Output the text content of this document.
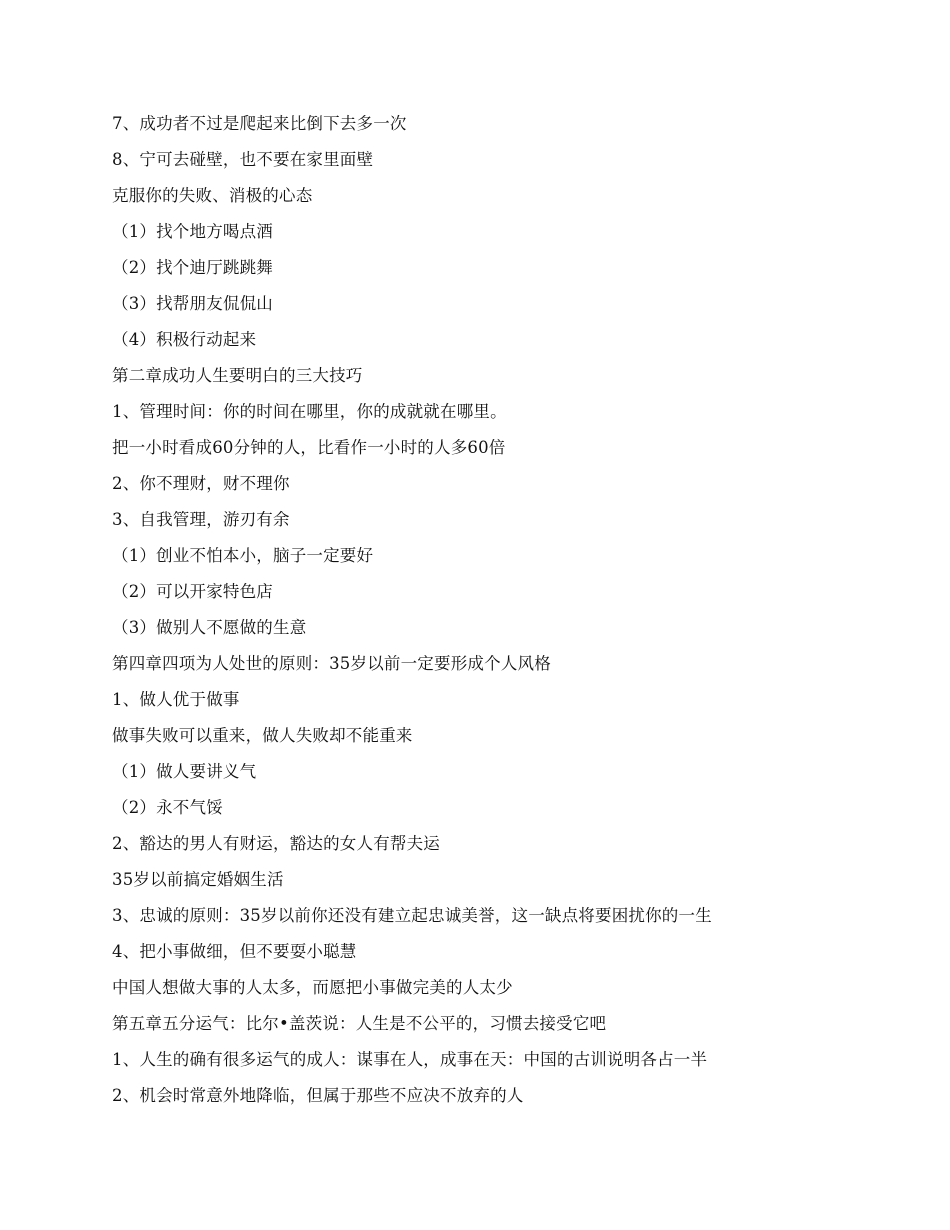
7、成功者不过是爬起来比倒下去多一次
8、宁可去碰壁，也不要在家里面壁
克服你的失败、消极的心态
（1）找个地方喝点酒
（2）找个迪厅跳跳舞
（3）找帮朋友侃侃山
（4）积极行动起来
第二章成功人生要明白的三大技巧
1、管理时间：你的时间在哪里，你的成就就在哪里。
把一小时看成60分钟的人，比看作一小时的人多60倍
2、你不理财，财不理你
3、自我管理，游刃有余
（1）创业不怕本小，脑子一定要好
（2）可以开家特色店
（3）做别人不愿做的生意
第四章四项为人处世的原则：35岁以前一定要形成个人风格
1、做人优于做事
做事失败可以重来，做人失败却不能重来
（1）做人要讲义气
（2）永不气馁
2、豁达的男人有财运，豁达的女人有帮夫运
35岁以前搞定婚姻生活
3、忠诚的原则：35岁以前你还没有建立起忠诚美誉，这一缺点将要困扰你的一生
4、把小事做细，但不要耍小聪慧
中国人想做大事的人太多，而愿把小事做完美的人太少
第五章五分运气：比尔•盖茨说：人生是不公平的，习惯去接受它吧
1、人生的确有很多运气的成人：谋事在人，成事在天：中国的古训说明各占一半
2、机会时常意外地降临，但属于那些不应决不放弃的人
